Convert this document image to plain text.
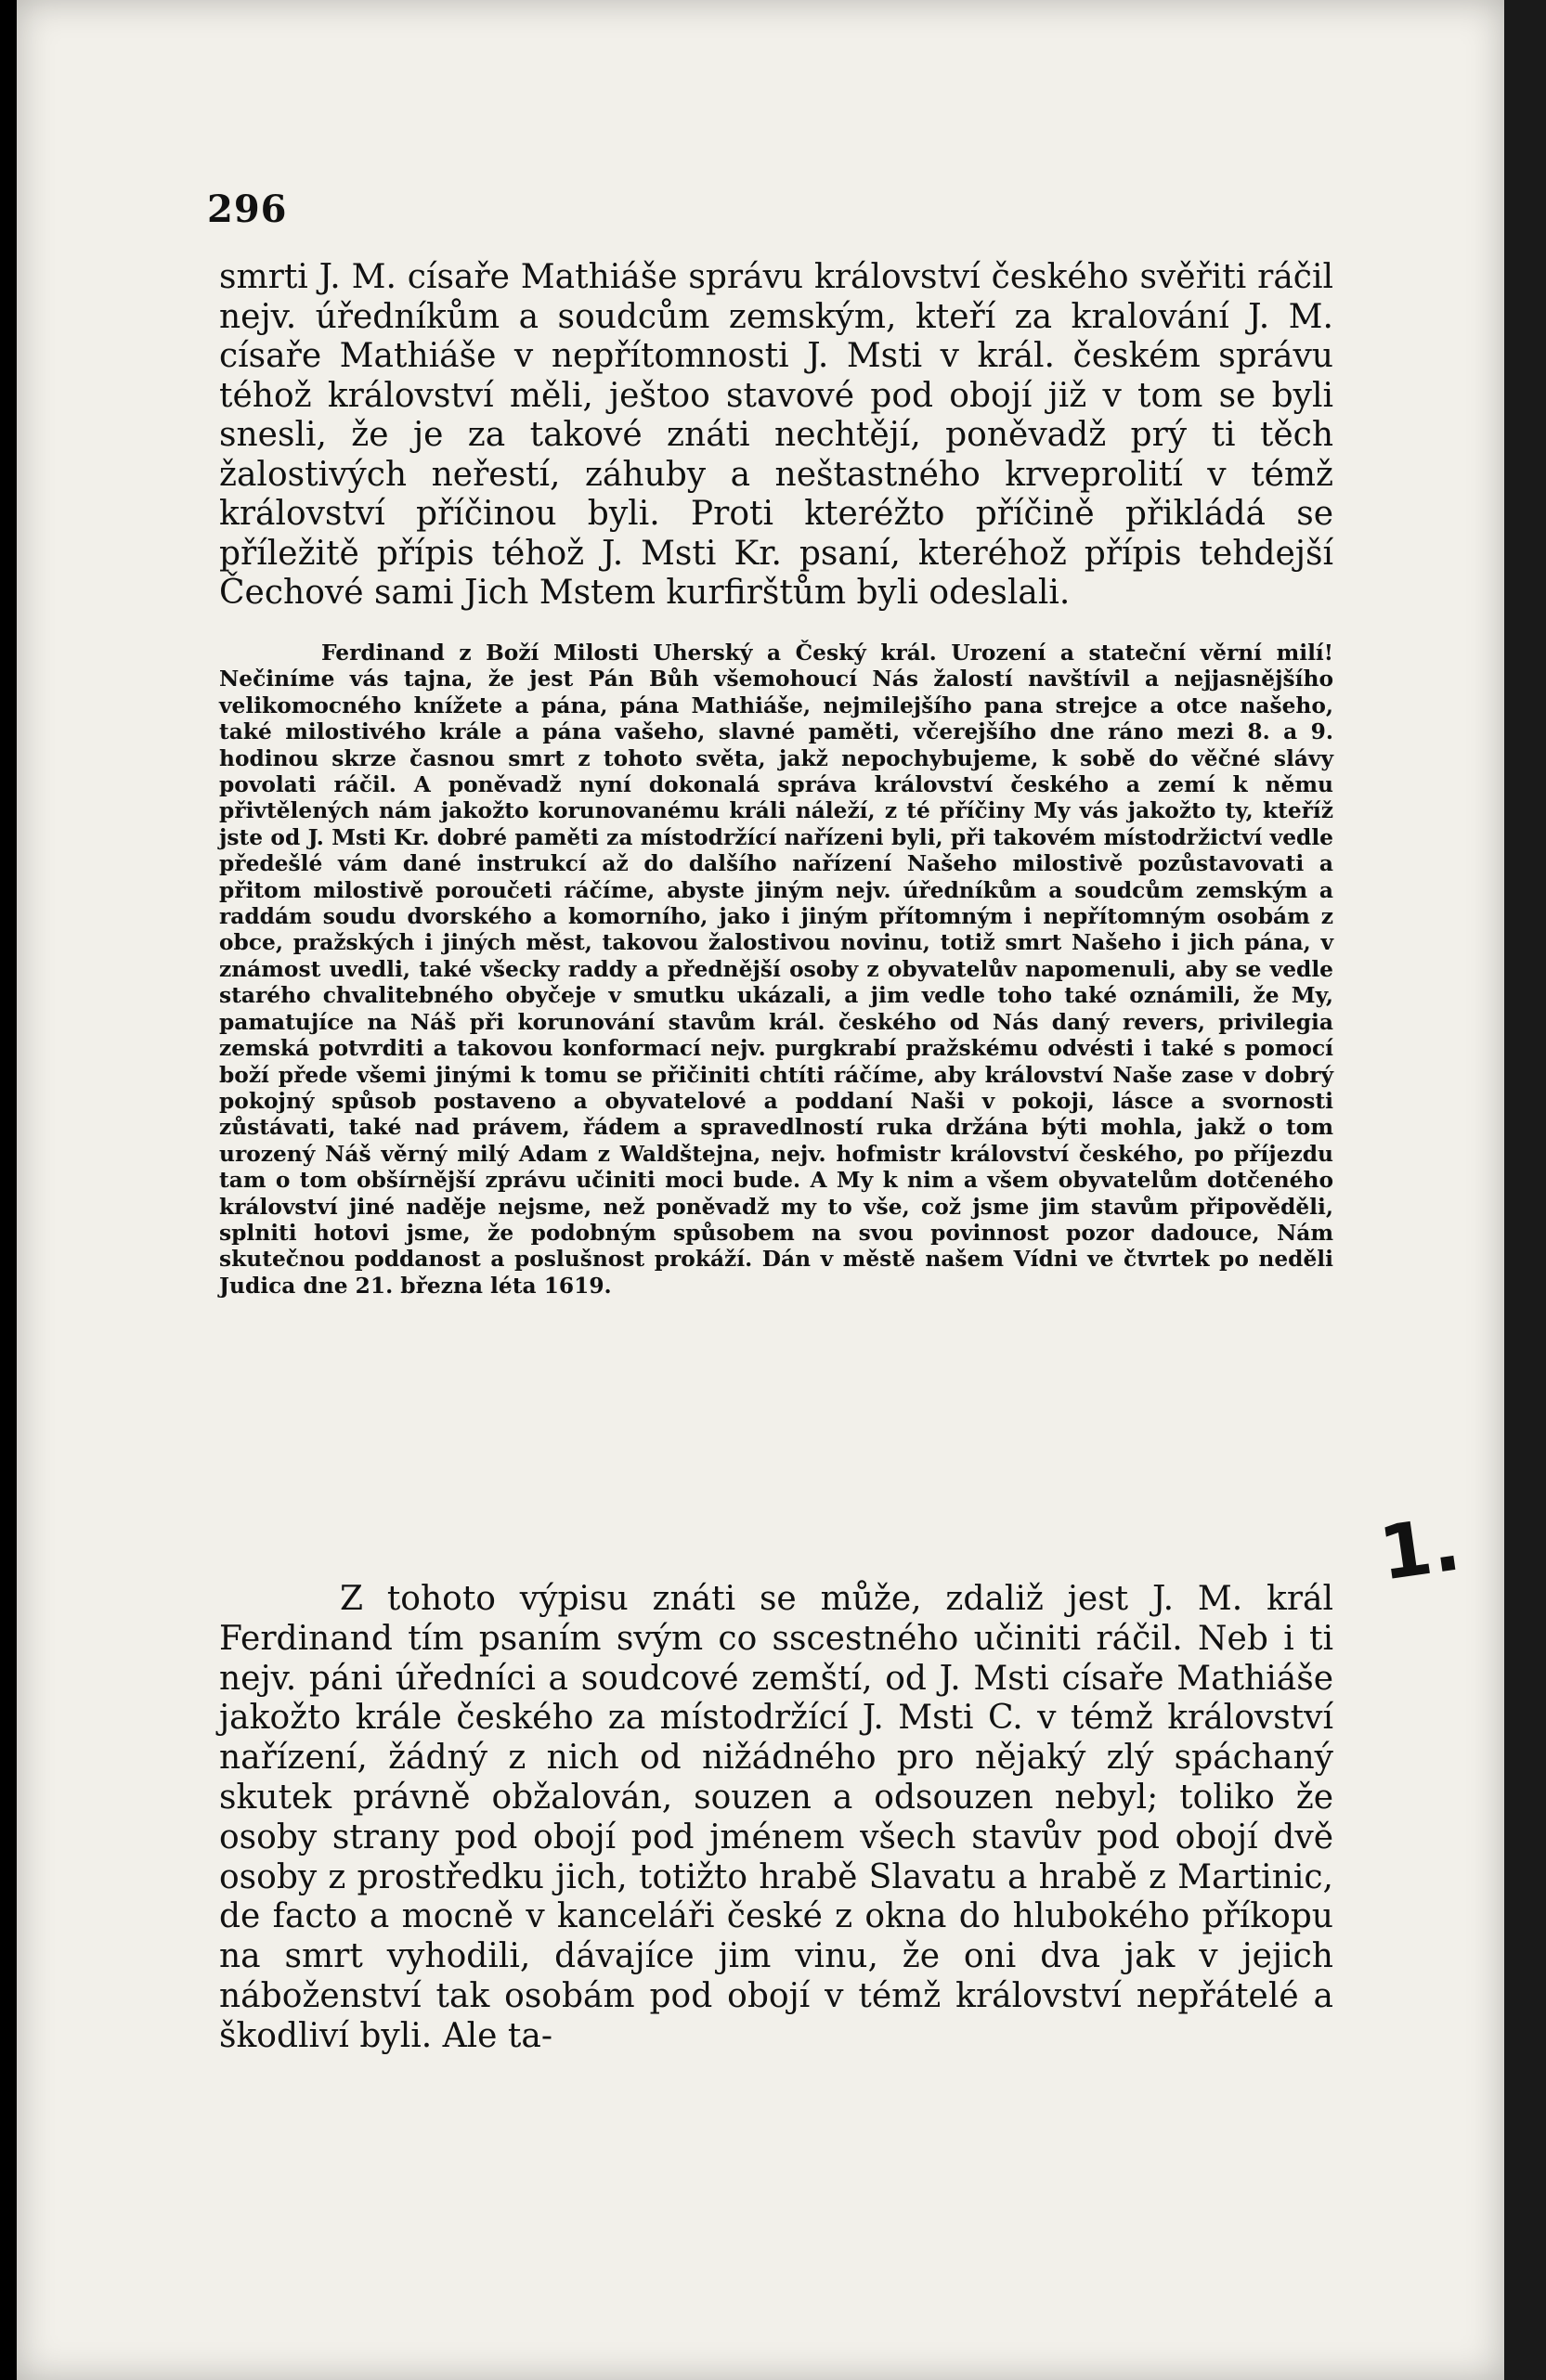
296

smrti J. M. císaře Mathiáše správu království českého svěřiti ráčil nejv. úředníkům a soudcům zemským, kteří za kralování J. M. císaře Mathiáše v nepřítomnosti J. Msti v král. českém správu téhož království měli, ještoo stavové pod obojí již v tom se byli snesli, že je za takové znáti nechtějí, poněvadž prý ti těch žalostivých neřestí, záhuby a neštastného krveprolití v témž království příčinou byli. Proti kteréžto příčině přikládá se příležitě přípis téhož J. Msti Kr. psaní, kteréhož přípis tehdejší Čechové sami Jich Mstem kurfirštům byli odeslali.

Ferdinand z Boží Milosti Uherský a Český král. Urození a stateční věrní milí! Nečiníme vás tajna, že jest Pán Bůh všemohoucí Nás žalostí navštívil a nejjasnějšího velikomocného knížete a pána, pána Mathiáše, nejmilejšího pana strejce a otce našeho, také milostivého krále a pána vašeho, slavné paměti, včerejšího dne ráno mezi 8. a 9. hodinou skrze časnou smrt z tohoto světa, jakž nepochybujeme, k sobě do věčné slávy povolati ráčil. A poněvadž nyní dokonalá správa království českého a zemí k němu přivtělených nám jakožto korunovanému králi náleží, z té příčiny My vás jakožto ty, kteříž jste od J. Msti Kr. dobré paměti za místodržící nařízeni byli, při takovém místodržictví vedle předešlé vám dané instrukcí až do dalšího nařízení Našeho milostivě pozůstavovati a přitom milostivě poroučeti ráčíme, abyste jiným nejv. úředníkům a soudcům zemským a raddám soudu dvorského a komorního, jako i jiným přítomným i nepřítomným osobám z obce, pražských i jiných měst, takovou žalostivou novinu, totiž smrt Našeho i jich pána, v známost uvedli, také všecky raddy a přednější osoby z obyvatelův napomenuli, aby se vedle starého chvalitebného obyčeje v smutku ukázali, a jim vedle toho také oznámili, že My, pamatujíce na Náš při korunování stavům král. českého od Nás daný revers, privilegia zemská potvrditi a takovou konformací nejv. purgkrabí pražskému odvésti i také s pomocí boží přede všemi jinými k tomu se přičiniti chtíti ráčíme, aby království Naše zase v dobrý pokojný spůsob postaveno a obyvatelové a poddaní Naši v pokoji, lásce a svornosti zůstávati, také nad právem, řádem a spravedlností ruka držána býti mohla, jakž o tom urozený Náš věrný milý Adam z Waldštejna, nejv. hofmistr království českého, po příjezdu tam o tom obšírnější zprávu učiniti moci bude. A My k nim a všem obyvatelům dotčeného království jiné naděje nejsme, než poněvadž my to vše, což jsme jim stavům připověděli, splniti hotovi jsme, že podobným spůsobem na svou povinnost pozor dadouce, Nám skutečnou poddanost a poslušnost prokáží. Dán v městě našem Vídni ve čtvrtek po neděli Judica dne 21. března léta 1619.

Z tohoto výpisu znáti se může, zdaliž jest J. M. král Ferdinand tím psaním svým co sscestného učiniti ráčil. Neb i ti nejv. páni úředníci a soudcové zemští, od J. Msti císaře Mathiáše jakožto krále českého za místodržící J. Msti C. v témž království nařízení, žádný z nich od nižádného pro nějaký zlý spáchaný skutek právně obžalován, souzen a odsouzen nebyl; toliko že osoby strany pod obojí pod jménem všech stavův pod obojí dvě osoby z prostředku jich, totižto hrabě Slavatu a hrabě z Martinic, de facto a mocně v kanceláři české z okna do hlubokého příkopu na smrt vyhodili, dávajíce jim vinu, že oni dva jak v jejich náboženství tak osobám pod obojí v témž království nepřátelé a škodliví byli. Ale ta-

1.
